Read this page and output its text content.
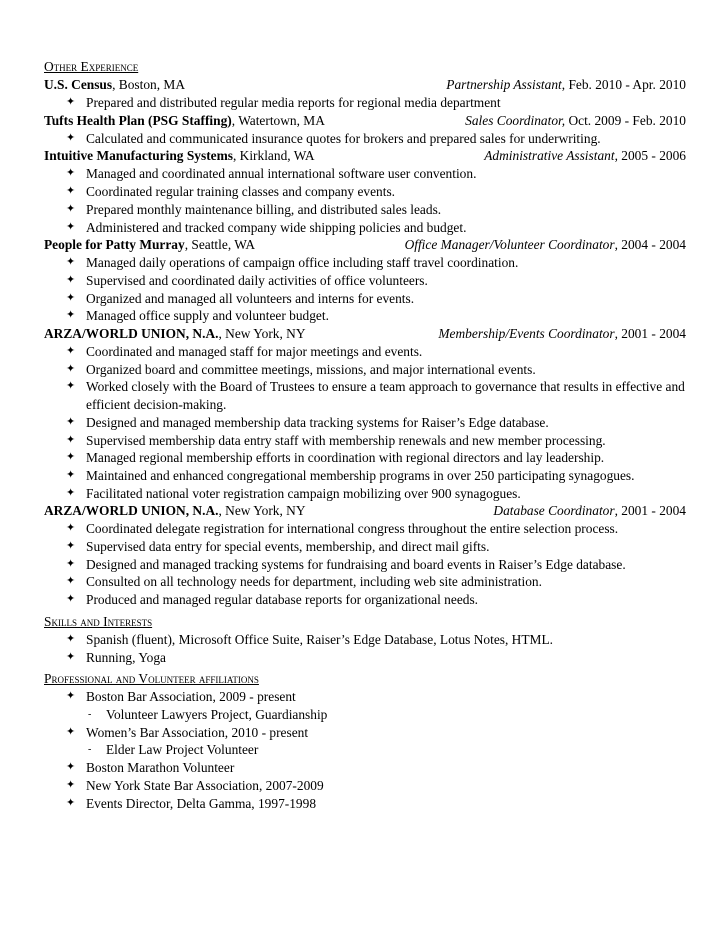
Other Experience
U.S. Census, Boston, MA	Partnership Assistant, Feb. 2010 - Apr. 2010
✦ Prepared and distributed regular media reports for regional media department
Tufts Health Plan (PSG Staffing), Watertown, MA	Sales Coordinator, Oct. 2009 - Feb. 2010
✦ Calculated and communicated insurance quotes for brokers and prepared sales for underwriting.
Intuitive Manufacturing Systems, Kirkland, WA	Administrative Assistant, 2005 - 2006
✦ Managed and coordinated annual international software user convention.
✦ Coordinated regular training classes and company events.
✦ Prepared monthly maintenance billing, and distributed sales leads.
✦ Administered and tracked company wide shipping policies and budget.
People for Patty Murray, Seattle, WA	Office Manager/Volunteer Coordinator, 2004 - 2004
✦ Managed daily operations of campaign office including staff travel coordination.
✦ Supervised and coordinated daily activities of office volunteers.
✦ Organized and managed all volunteers and interns for events.
✦ Managed office supply and volunteer budget.
ARZA/WORLD UNION, N.A., New York, NY	Membership/Events Coordinator, 2001 - 2004
✦ Coordinated and managed staff for major meetings and events.
✦ Organized board and committee meetings, missions, and major international events.
✦ Worked closely with the Board of Trustees to ensure a team approach to governance that results in effective and efficient decision-making.
✦ Designed and managed membership data tracking systems for Raiser’s Edge database.
✦ Supervised membership data entry staff with membership renewals and new member processing.
✦ Managed regional membership efforts in coordination with regional directors and lay leadership.
✦ Maintained and enhanced congregational membership programs in over 250 participating synagogues.
✦ Facilitated national voter registration campaign mobilizing over 900 synagogues.
ARZA/WORLD UNION, N.A., New York, NY	Database Coordinator, 2001 - 2004
✦ Coordinated delegate registration for international congress throughout the entire selection process.
✦ Supervised data entry for special events, membership, and direct mail gifts.
✦ Designed and managed tracking systems for fundraising and board events in Raiser’s Edge database.
✦ Consulted on all technology needs for department, including web site administration.
✦ Produced and managed regular database reports for organizational needs.
Skills and Interests
✦ Spanish (fluent), Microsoft Office Suite, Raiser’s Edge Database, Lotus Notes, HTML.
✦ Running, Yoga
Professional and Volunteer affiliations
✦ Boston Bar Association, 2009 - present
- Volunteer Lawyers Project, Guardianship
✦ Women’s Bar Association, 2010 - present
- Elder Law Project Volunteer
✦ Boston Marathon Volunteer
✦ New York State Bar Association, 2007-2009
✦ Events Director, Delta Gamma, 1997-1998
